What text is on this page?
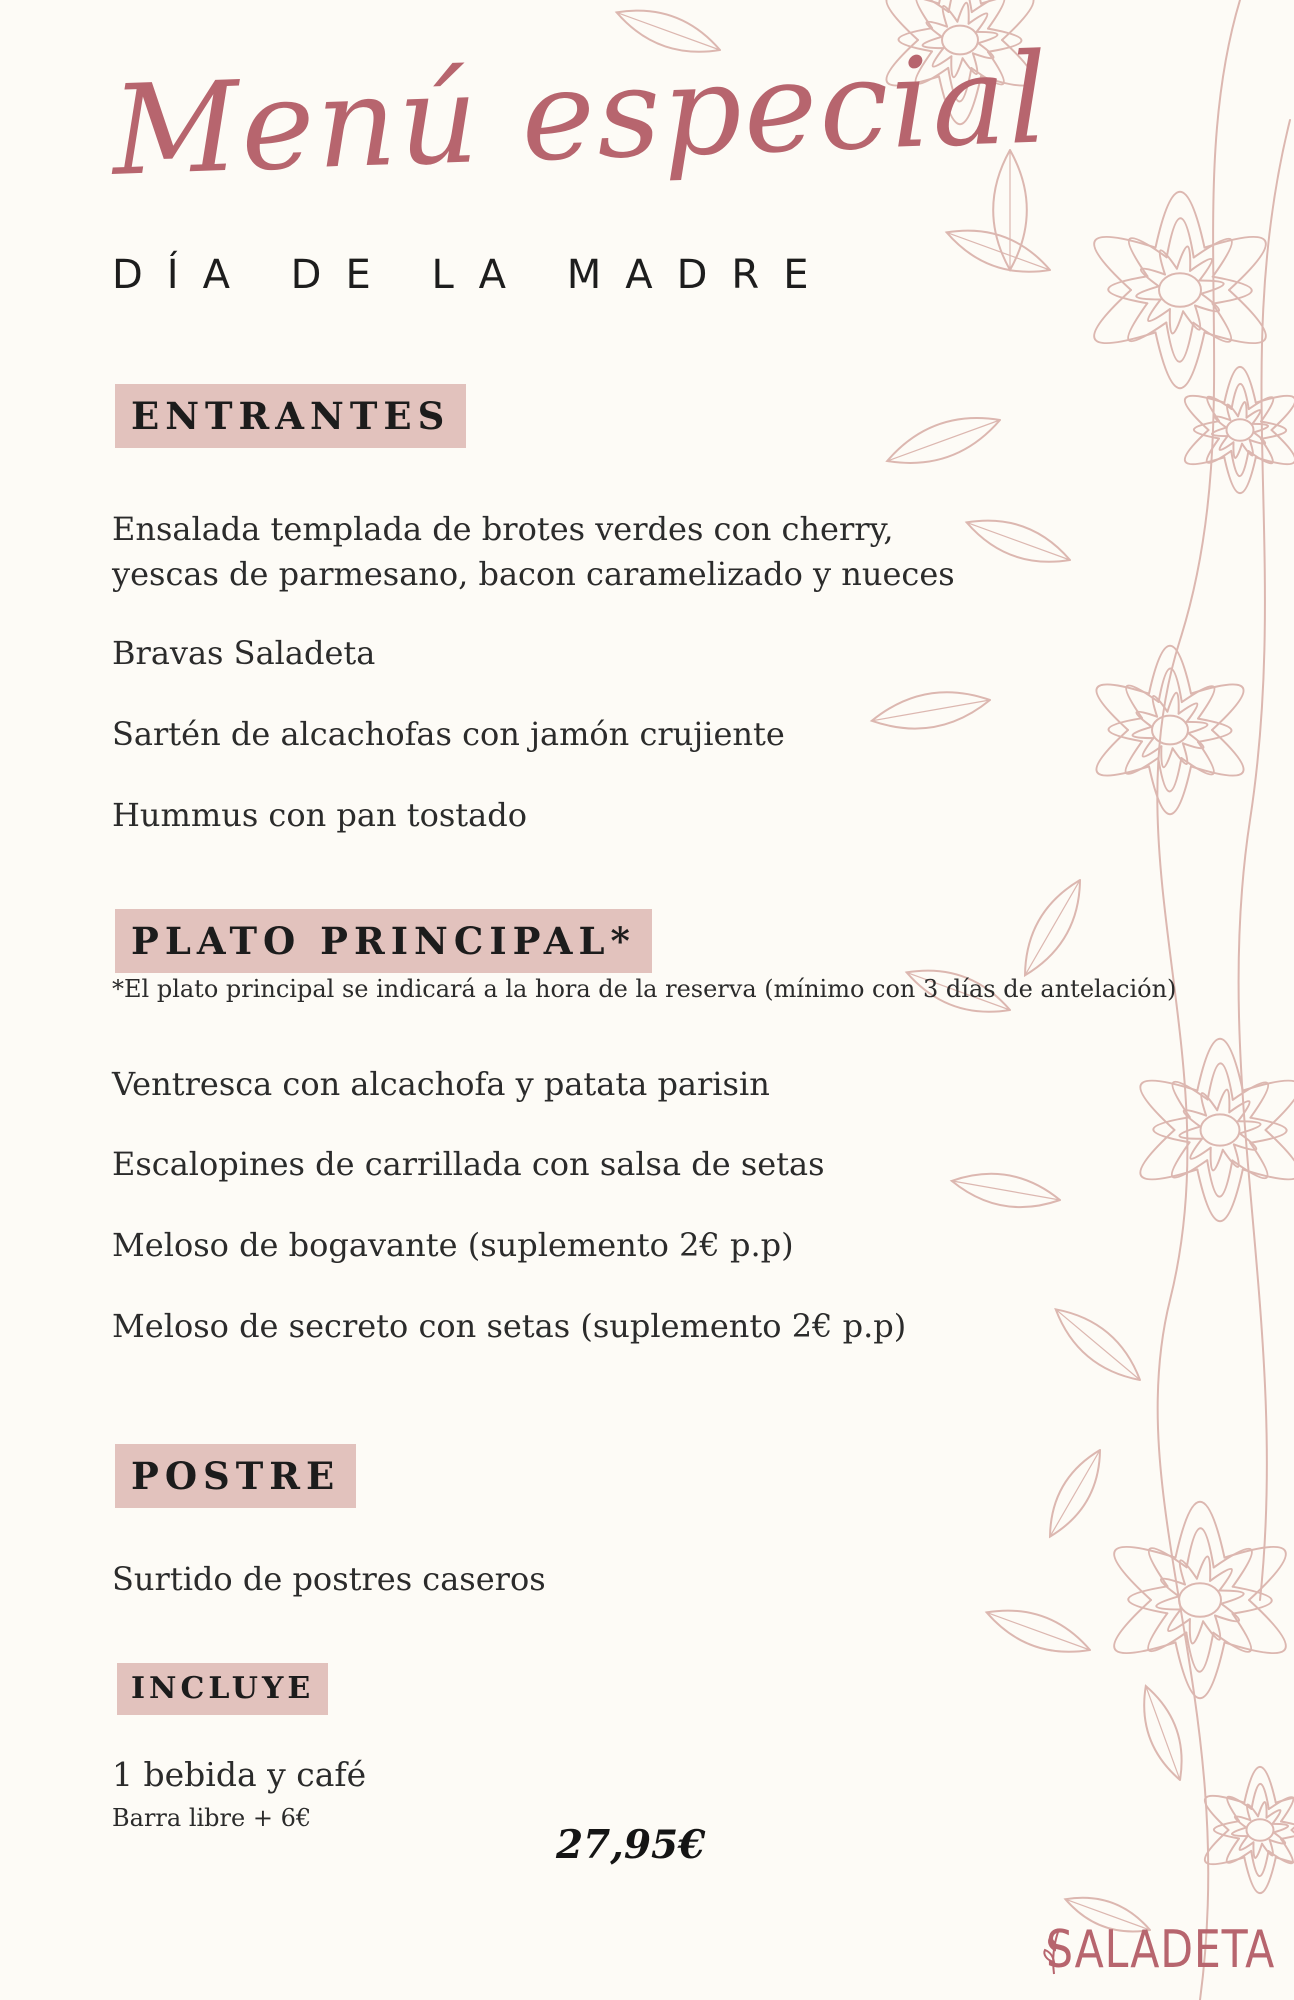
Menú especial
DÍA DE LA MADRE
ENTRANTES
Ensalada templada de brotes verdes con cherry,
yescas de parmesano, bacon caramelizado y nueces
Bravas Saladeta
Sartén de alcachofas con jamón crujiente
Hummus con pan tostado
PLATO PRINCIPAL*
*El plato principal se indicará a la hora de la reserva (mínimo con 3 días de antelación)
Ventresca con alcachofa y patata parisin
Escalopines de carrillada con salsa de setas
Meloso de bogavante (suplemento 2€ p.p)
Meloso de secreto con setas (suplemento 2€ p.p)
POSTRE
Surtido de postres caseros
INCLUYE
1 bebida y café
Barra libre + 6€
27,95€
SALADETA
